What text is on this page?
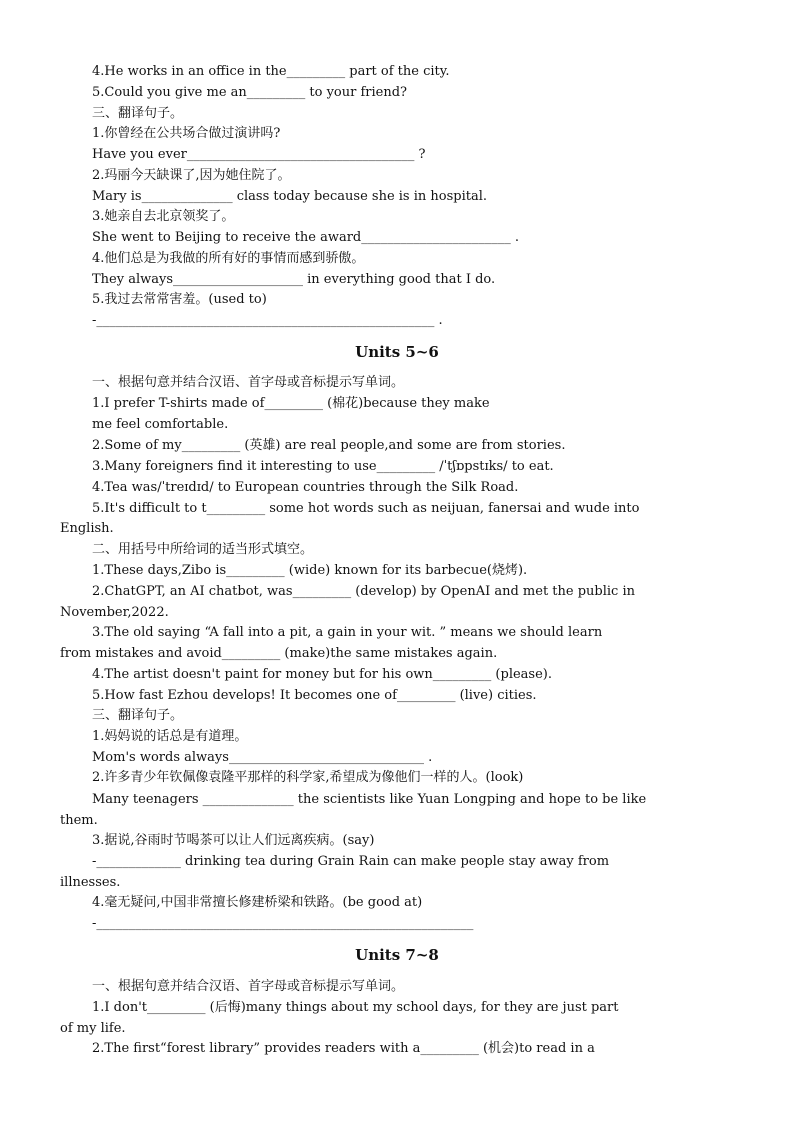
4.He works in an office in the_________ part of the city.
5.Could you give me an_________ to your friend?
三、翻译句子。
1.你曾经在公共场合做过演讲吗?
Have you ever___________________________________ ?
2.玛丽今天缺课了,因为她住院了。
Mary is______________ class today because she is in hospital.
3.她亲自去北京领奖了。
She went to Beijing to receive the award_______________________ .
4.他们总是为我做的所有好的事情而感到骄傲。
They always____________________ in everything good that I do.
5.我过去常常害羞。(used to)
-____________________________________________________ .
Units 5~6
一、根据句意并结合汉语、首字母或音标提示写单词。
1.I prefer T-shirts made of_________ (棉花)because they make
me feel comfortable.
2.Some of my_________ (英雄) are real people,and some are from stories.
3.Many foreigners find it interesting to use_________ /ˈtʃɒpstɪks/ to eat.
4.Tea was/ˈtreɪdɪd/ to European countries through the Silk Road.
5.It's difficult to t_________ some hot words such as neijuan, fanersai and wude into
English.
二、用括号中所给词的适当形式填空。
1.These days,Zibo is_________ (wide) known for its barbecue(烧烤).
2.ChatGPT, an AI chatbot, was_________ (develop) by OpenAI and met the public in
November,2022.
3.The old saying “A fall into a pit, a gain in your wit. ” means we should learn
from mistakes and avoid_________ (make)the same mistakes again.
4.The artist doesn't paint for money but for his own_________ (please).
5.How fast Ezhou develops! It becomes one of_________ (live) cities.
三、翻译句子。
1.妈妈说的话总是有道理。
Mom's words always______________________________ .
2.许多青少年钦佩像袁隆平那样的科学家,希望成为像他们一样的人。(look)
Many teenagers ______________ the scientists like Yuan Longping and hope to be like
them.
3.据说,谷雨时节喝茶可以让人们远离疾病。(say)
-_____________ drinking tea during Grain Rain can make people stay away from
illnesses.
4.毫无疑问,中国非常擅长修建桥梁和铁路。(be good at)
-__________________________________________________________
Units 7~8
一、根据句意并结合汉语、首字母或音标提示写单词。
1.I don't_________ (后悔)many things about my school days, for they are just part
of my life.
2.The first“forest library” provides readers with a_________ (机会)to read in a
